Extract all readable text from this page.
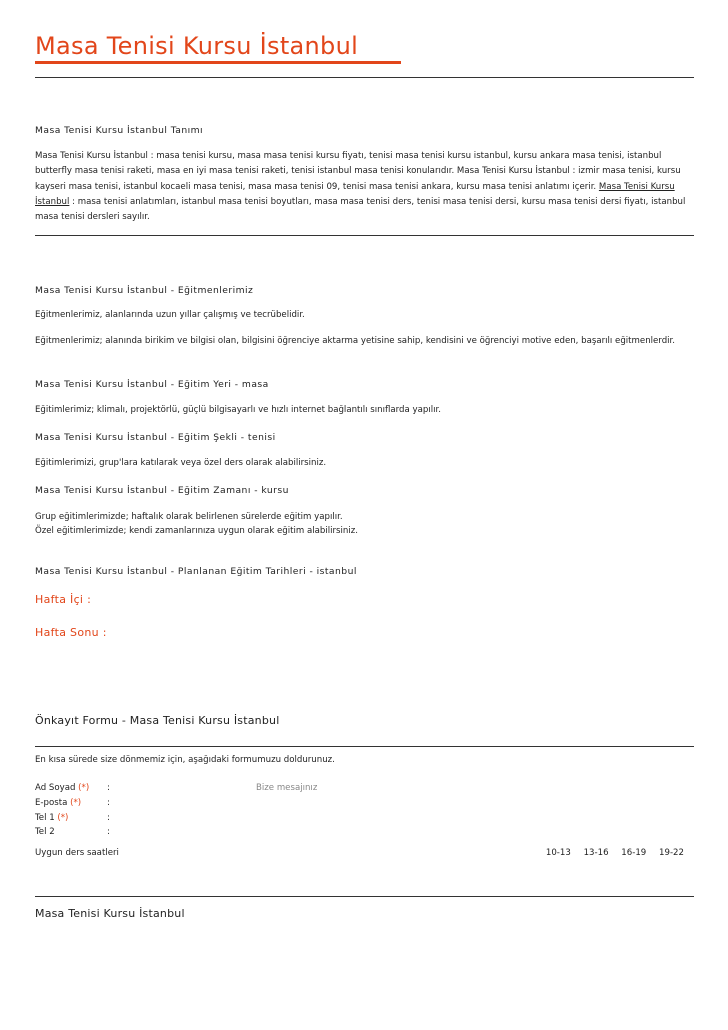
Masa Tenisi Kursu İstanbul
Masa Tenisi Kursu İstanbul Tanımı
Masa Tenisi Kursu İstanbul : masa tenisi kursu, masa masa tenisi kursu fiyatı, tenisi masa tenisi kursu istanbul, kursu ankara masa tenisi, istanbul butterfly masa tenisi raketi, masa en iyi masa tenisi raketi, tenisi istanbul masa tenisi konularıdır. Masa Tenisi Kursu İstanbul : izmir masa tenisi, kursu kayseri masa tenisi, istanbul kocaeli masa tenisi, masa masa tenisi 09, tenisi masa tenisi ankara, kursu masa tenisi anlatımı içerir. Masa Tenisi Kursu İstanbul : masa tenisi anlatımları, istanbul masa tenisi boyutları, masa masa tenisi ders, tenisi masa tenisi dersi, kursu masa tenisi dersi fiyatı, istanbul masa tenisi dersleri sayılır.
Masa Tenisi Kursu İstanbul - Eğitmenlerimiz
Eğitmenlerimiz, alanlarında uzun yıllar çalışmış ve tecrübelidir.
Eğitmenlerimiz; alanında birikim ve bilgisi olan, bilgisini öğrenciye aktarma yetisine sahip, kendisini ve öğrenciyi motive eden, başarılı eğitmenlerdir.
Masa Tenisi Kursu İstanbul - Eğitim Yeri - masa
Eğitimlerimiz; klimalı, projektörlü, güçlü bilgisayarlı ve hızlı internet bağlantılı sınıflarda yapılır.
Masa Tenisi Kursu İstanbul - Eğitim Şekli - tenisi
Eğitimlerimizi, grup'lara katılarak veya özel ders olarak alabilirsiniz.
Masa Tenisi Kursu İstanbul - Eğitim Zamanı - kursu
Grup eğitimlerimizde; haftalık olarak belirlenen sürelerde eğitim yapılır.
Özel eğitimlerimizde; kendi zamanlarınıza uygun olarak eğitim alabilirsiniz.
Masa Tenisi Kursu İstanbul - Planlanan Eğitim Tarihleri - istanbul
Hafta İçi :
Hafta Sonu :
Önkayıt Formu - Masa Tenisi Kursu İstanbul
En kısa sürede size dönmemiz için, aşağıdaki formumuzu doldurunuz.
Ad Soyad (*) :	Bize mesajınız
E-posta (*)	:
Tel 1 (*)	:
Tel 2	:
Uygun ders saatleri	10-13 13-16 16-19 19-22
Masa Tenisi Kursu İstanbul
